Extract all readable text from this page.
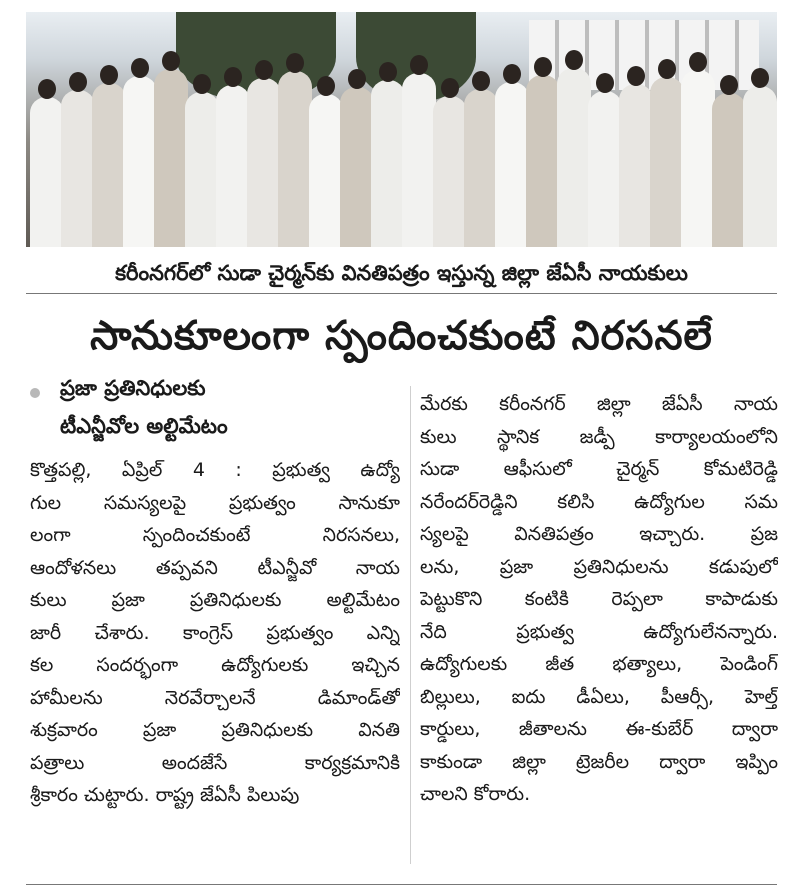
కరీంనగర్‌లో సుడా చైర్మన్‌కు వినతిపత్రం ఇస్తున్న జిల్లా జేఏసీ నాయకులు
సానుకూలంగా స్పందించకుంటే నిరసనలే
ప్రజా ప్రతినిధులకు
టీఎన్జీవోల అల్టిమేటం
కొత్తపల్లి, ఏప్రిల్ 4 : ప్రభుత్వ ఉద్యో
గుల సమస్యలపై ప్రభుత్వం సానుకూ
లంగా స్పందించకుంటే నిరసనలు,
ఆందోళనలు తప్పవని టీఎన్జీవో నాయ
కులు ప్రజా ప్రతినిధులకు అల్టిమేటం
జారీ చేశారు. కాంగ్రెస్ ప్రభుత్వం ఎన్ని
కల సందర్భంగా ఉద్యోగులకు ఇచ్చిన
హామీలను నెరవేర్చాలనే డిమాండ్‌తో
శుక్రవారం ప్రజా ప్రతినిధులకు వినతి
పత్రాలు అందజేసే కార్యక్రమానికి
శ్రీకారం చుట్టారు. రాష్ట్ర జేఏసీ పిలుపు
మేరకు కరీంనగర్ జిల్లా జేఏసీ నాయ
కులు స్థానిక జడ్పీ కార్యాలయంలోని
సుడా ఆఫీసులో చైర్మన్ కోమటిరెడ్డి
నరేందర్‌రెడ్డిని కలిసి ఉద్యోగుల సమ
స్యలపై వినతిపత్రం ఇచ్చారు. ప్రజ
లను, ప్రజా ప్రతినిధులను కడుపులో
పెట్టుకొని కంటికి రెప్పలా కాపాడుకు
నేది ప్రభుత్వ ఉద్యోగులేనన్నారు.
ఉద్యోగులకు జీత భత్యాలు, పెండింగ్
బిల్లులు, ఐదు డీఏలు, పీఆర్సీ, హెల్త్
కార్డులు, జీతాలను ఈ-కుబేర్ ద్వారా
కాకుండా జిల్లా ట్రెజరీల ద్వారా ఇప్పిం
చాలని కోరారు.
